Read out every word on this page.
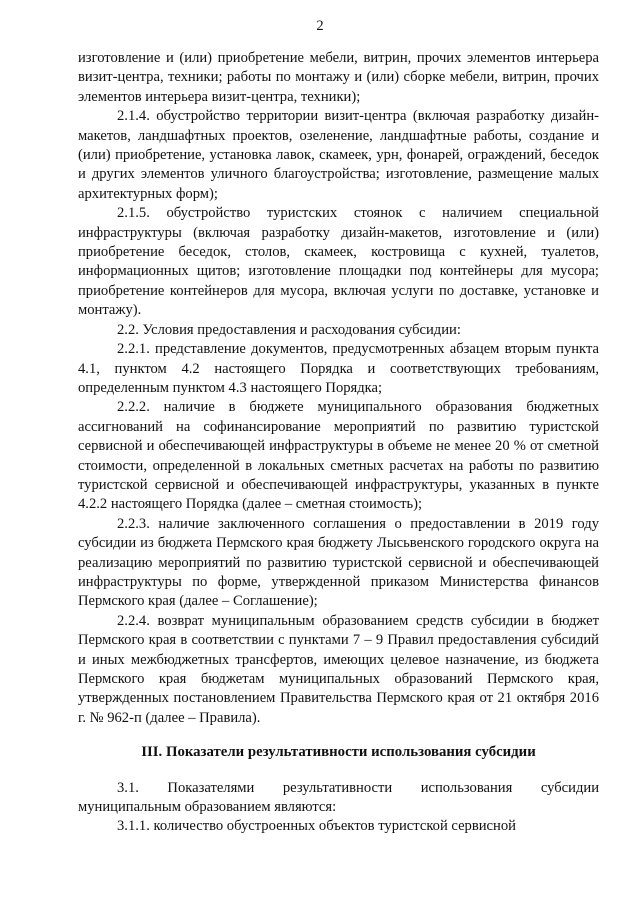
2

изготовление и (или) приобретение мебели, витрин, прочих элементов интерьера визит-центра, техники; работы по монтажу и (или) сборке мебели, витрин, прочих элементов интерьера визит-центра, техники);

2.1.4. обустройство территории визит-центра (включая разработку дизайн-макетов, ландшафтных проектов, озеленение, ландшафтные работы, создание и (или) приобретение, установка лавок, скамеек, урн, фонарей, ограждений, беседок и других элементов уличного благоустройства; изготовление, размещение малых архитектурных форм);

2.1.5. обустройство туристских стоянок с наличием специальной инфраструктуры (включая разработку дизайн-макетов, изготовление и (или) приобретение беседок, столов, скамеек, костровища с кухней, туалетов, информационных щитов; изготовление площадки под контейнеры для мусора; приобретение контейнеров для мусора, включая услуги по доставке, установке и монтажу).

2.2. Условия предоставления и расходования субсидии:

2.2.1. представление документов, предусмотренных абзацем вторым пункта 4.1, пунктом 4.2 настоящего Порядка и соответствующих требованиям, определенным пунктом 4.3 настоящего Порядка;

2.2.2. наличие в бюджете муниципального образования бюджетных ассигнований на софинансирование мероприятий по развитию туристской сервисной и обеспечивающей инфраструктуры в объеме не менее 20 % от сметной стоимости, определенной в локальных сметных расчетах на работы по развитию туристской сервисной и обеспечивающей инфраструктуры, указанных в пункте 4.2.2 настоящего Порядка (далее – сметная стоимость);

2.2.3. наличие заключенного соглашения о предоставлении в 2019 году субсидии из бюджета Пермского края бюджету Лысьвенского городского округа на реализацию мероприятий по развитию туристской сервисной и обеспечивающей инфраструктуры по форме, утвержденной приказом Министерства финансов Пермского края (далее – Соглашение);

2.2.4. возврат муниципальным образованием средств субсидии в бюджет Пермского края в соответствии с пунктами 7 – 9 Правил предоставления субсидий и иных межбюджетных трансфертов, имеющих целевое назначение, из бюджета Пермского края бюджетам муниципальных образований Пермского края, утвержденных постановлением Правительства Пермского края от 21 октября 2016 г. № 962-п (далее – Правила).

III. Показатели результативности использования субсидии

3.1. Показателями результативности использования субсидии муниципальным образованием являются:

3.1.1. количество обустроенных объектов туристской сервисной
